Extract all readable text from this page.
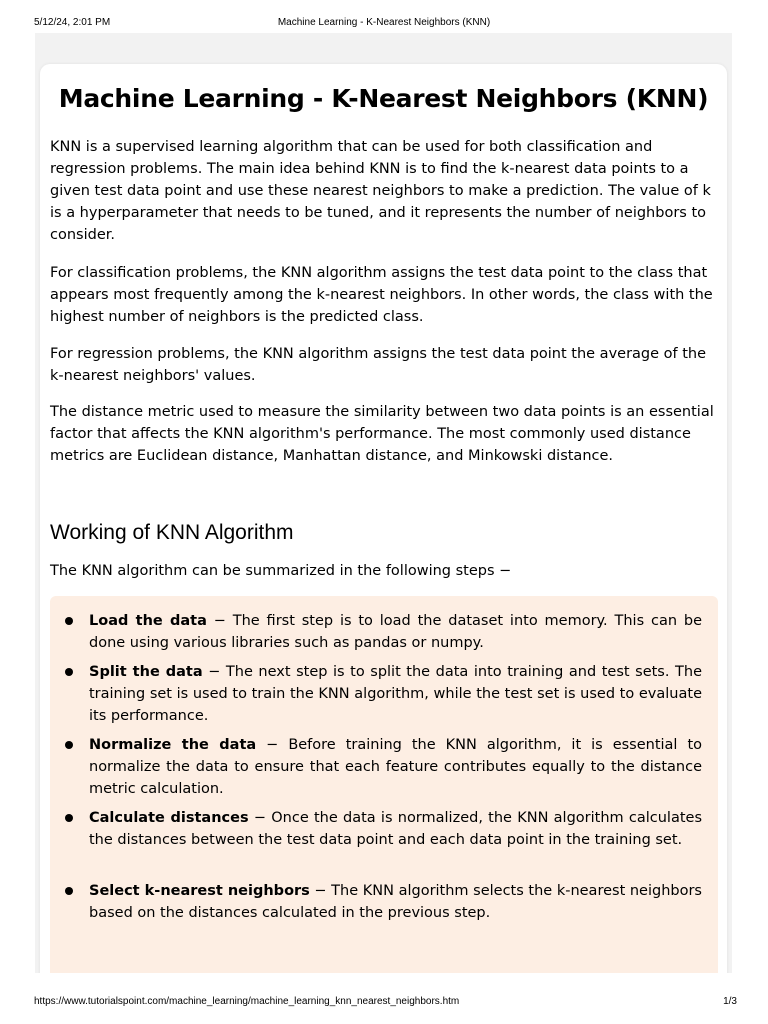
5/12/24, 2:01 PM	Machine Learning - K-Nearest Neighbors (KNN)
Machine Learning - K-Nearest Neighbors (KNN)

KNN is a supervised learning algorithm that can be used for both classification and regression problems. The main idea behind KNN is to find the k-nearest data points to a given test data point and use these nearest neighbors to make a prediction. The value of k is a hyperparameter that needs to be tuned, and it represents the number of neighbors to consider.

For classification problems, the KNN algorithm assigns the test data point to the class that appears most frequently among the k-nearest neighbors. In other words, the class with the highest number of neighbors is the predicted class.

For regression problems, the KNN algorithm assigns the test data point the average of the k-nearest neighbors' values.

The distance metric used to measure the similarity between two data points is an essential factor that affects the KNN algorithm's performance. The most commonly used distance metrics are Euclidean distance, Manhattan distance, and Minkowski distance.

Working of KNN Algorithm

The KNN algorithm can be summarized in the following steps −

Load the data − The first step is to load the dataset into memory. This can be done using various libraries such as pandas or numpy.
Split the data − The next step is to split the data into training and test sets. The training set is used to train the KNN algorithm, while the test set is used to evaluate its performance.
Normalize the data − Before training the KNN algorithm, it is essential to normalize the data to ensure that each feature contributes equally to the distance metric calculation.
Calculate distances − Once the data is normalized, the KNN algorithm calculates the distances between the test data point and each data point in the training set.
Select k-nearest neighbors − The KNN algorithm selects the k-nearest neighbors based on the distances calculated in the previous step.
https://www.tutorialspoint.com/machine_learning/machine_learning_knn_nearest_neighbors.htm	1/3
